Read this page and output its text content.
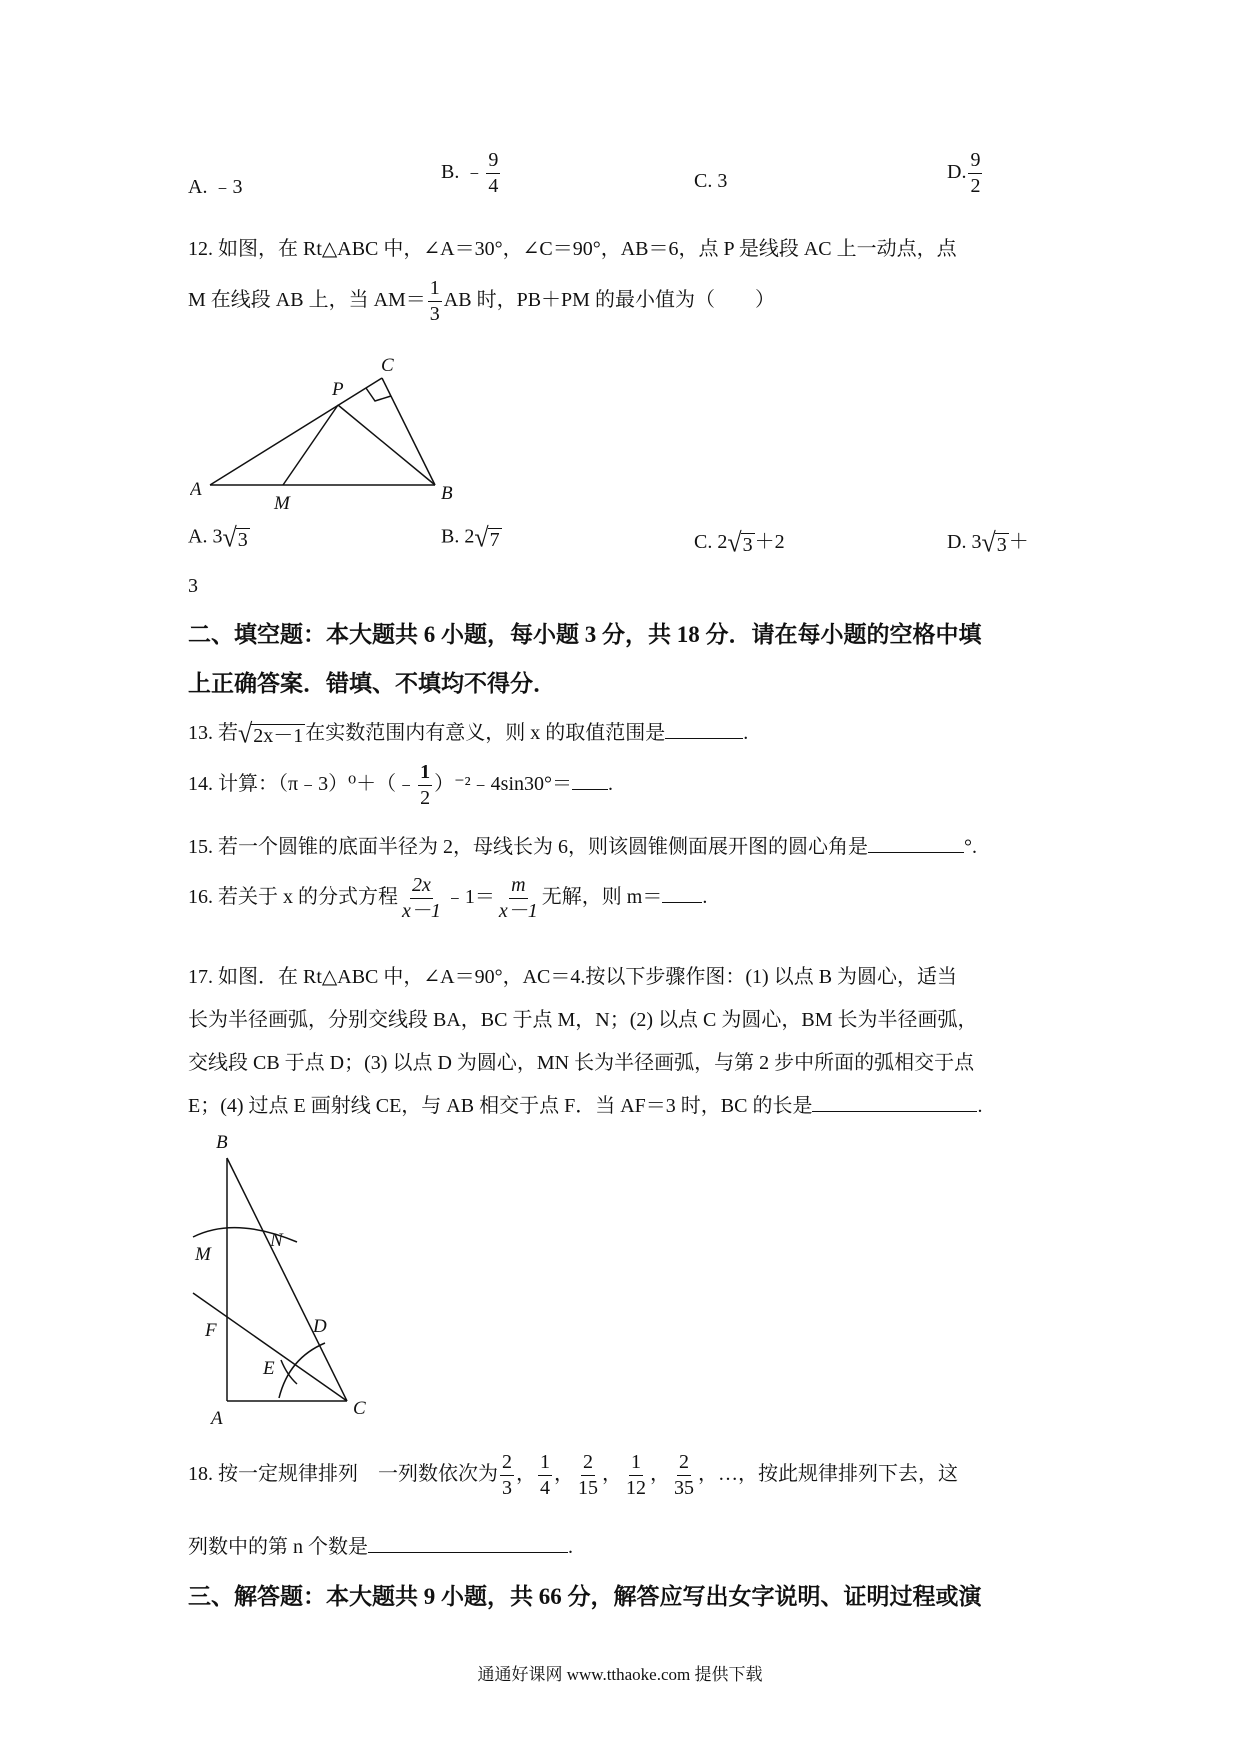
A. ﹣3
B. ﹣ $\frac{9}{4}$	C. 3	D. $\frac{9}{2}$
12. 如图，在 Rt△ABC 中，∠A＝30°，∠C＝90°，AB＝6，点 P 是线段 AC 上一动点，点
M 在线段 AB 上，当 $AM= \frac{1}{3}$ AB 时，PB＋PM 的最小值为（　　）
A	B
C
P
M
A. 3 √ 3	B. 2 √ 7	C. 2 √ 3 ＋2	D. 3 √ 3 ＋
3
二、填空题：本大题共 6 小题，每小题 3 分，共 18 分．请在每小题的空格中填
上正确答案．错填、不填均不得分．
13. 若 √ 2x－1 在实数范围内有意义，则 x 的取值范围是	.
14. 计算：（π﹣3）⁰＋（﹣ $\frac{1}{2}$ ）⁻²﹣4sin30°＝ .
15. 若一个圆锥的底面半径为 2，母线长为 6，则该圆锥侧面展开图的圆心角是	°.
16. 若关于 x 的分式方程 $\frac{2x}{x-1}$ ﹣1＝ $\frac{m}{x-1}$ 无解，则 m＝ .
17. 如图．在 Rt△ABC 中，∠A＝90°，AC＝4.按以下步骤作图：(1) 以点 B 为圆心，适当
长为半径画弧，分别交线段 BA，BC 于点 M，N；(2) 以点 C 为圆心，BM 长为半径画弧，
交线段 CB 于点 D；(3) 以点 D 为圆心，MN 长为半径画弧，与第 2 步中所面的弧相交于点
E；(4) 过点 E 画射线 CE，与 AB 相交于点 F．当 AF＝3 时，BC 的长是	.
B
M
N
F	D
E
A	C
18. 按一定规律排列　一列数依次为 $\frac{2}{3}$ ， $\frac{1}{4}$ ， $\frac{2}{15}$ ， $\frac{1}{12}$ ， $\frac{2}{35}$ ，…，按此规律排列下去，这
列数中的第 n 个数是	.
三、解答题：本大题共 9 小题，共 66 分，解答应写出女字说明、证明过程或演
通通好课网 www.tthaoke.com 提供下载
